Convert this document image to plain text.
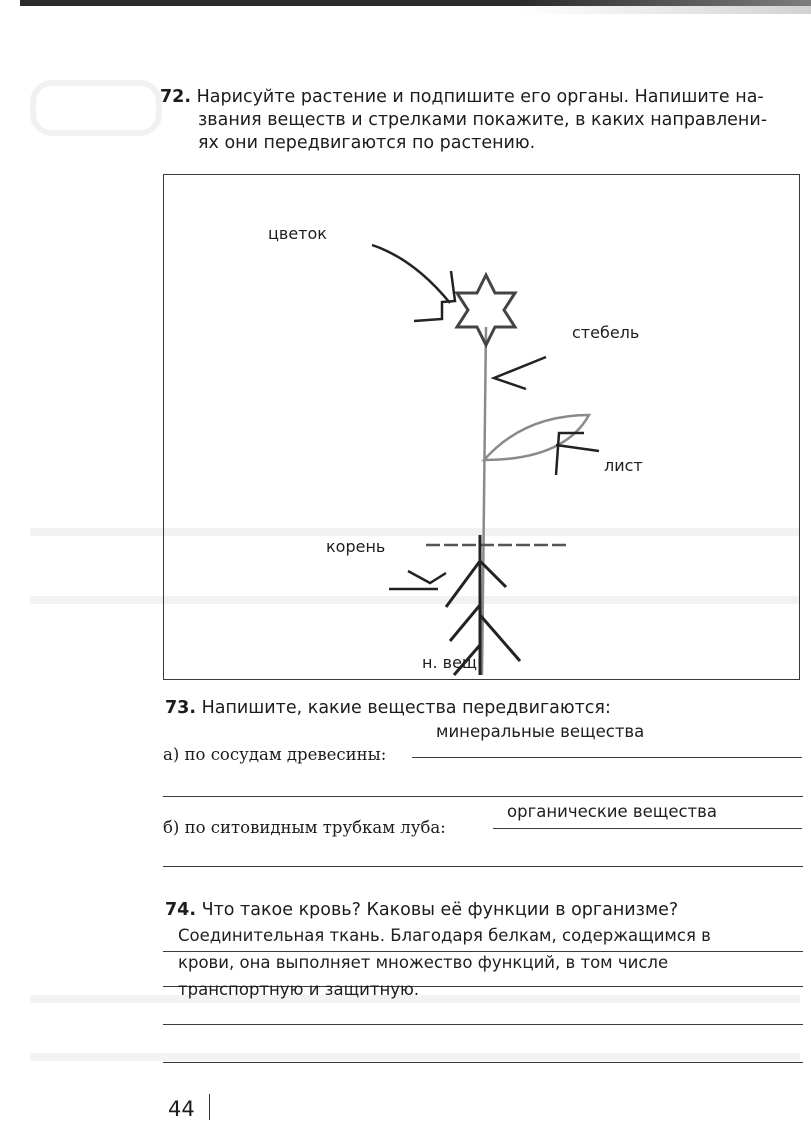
72. Нарисуйте растение и подпишите его органы. Напишите на-

звания веществ и стрелками покажите, в каких направлени-

ях они передвигаются по растению.

цветок
стебель
лист
корень
н. вещ
73. Напишите, какие вещества передвигаются:
минеральные вещества
а) по сосудам древесины:
органические вещества
б) по ситовидным трубкам луба:
74. Что такое кровь? Каковы её функции в организме?
Соединительная ткань. Благодаря белкам, содержащимся в
крови, она выполняет множество функций, в том числе
транспортную и защитную.
44
